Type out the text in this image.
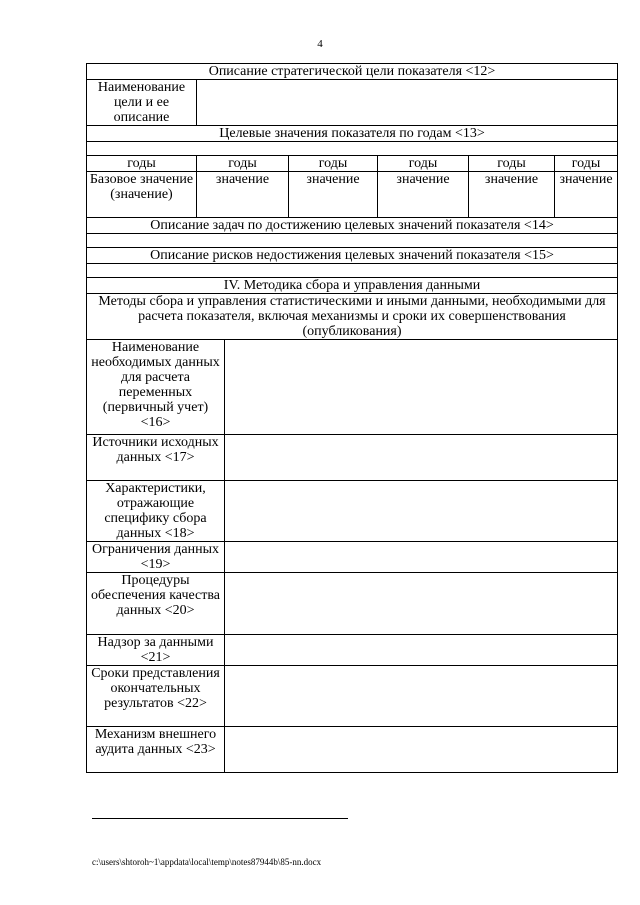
4
Описание стратегической цели показателя <12>						
Наименование цели и ее описание						
Целевые значения показателя по годам <13>						

годы	годы		годы	годы	годы	годы
Базовое значение (значение)	значение		значение	значение	значение	значение
Описание задач по достижению целевых значений показателя <14>						

Описание рисков недостижения целевых значений показателя <15>						

IV. Методика сбора и управления данными						
Методы сбора и управления статистическими и иными данными, необходимыми для расчета показателя, включая механизмы и сроки их совершенствования (опубликования)						
Наименование необходимых данных для расчета переменных (первичный учет) <16>						
Источники исходных данных <17>						
Характеристики, отражающие специфику сбора данных <18>						
Ограничения данных <19>						
Процедуры обеспечения качества данных <20>						
Надзор за данными <21>						
Сроки представления окончательных результатов <22>						
Механизм внешнего аудита данных <23>						
c:\users\shtoroh~1\appdata\local\temp\notes87944b\85-nn.docx
